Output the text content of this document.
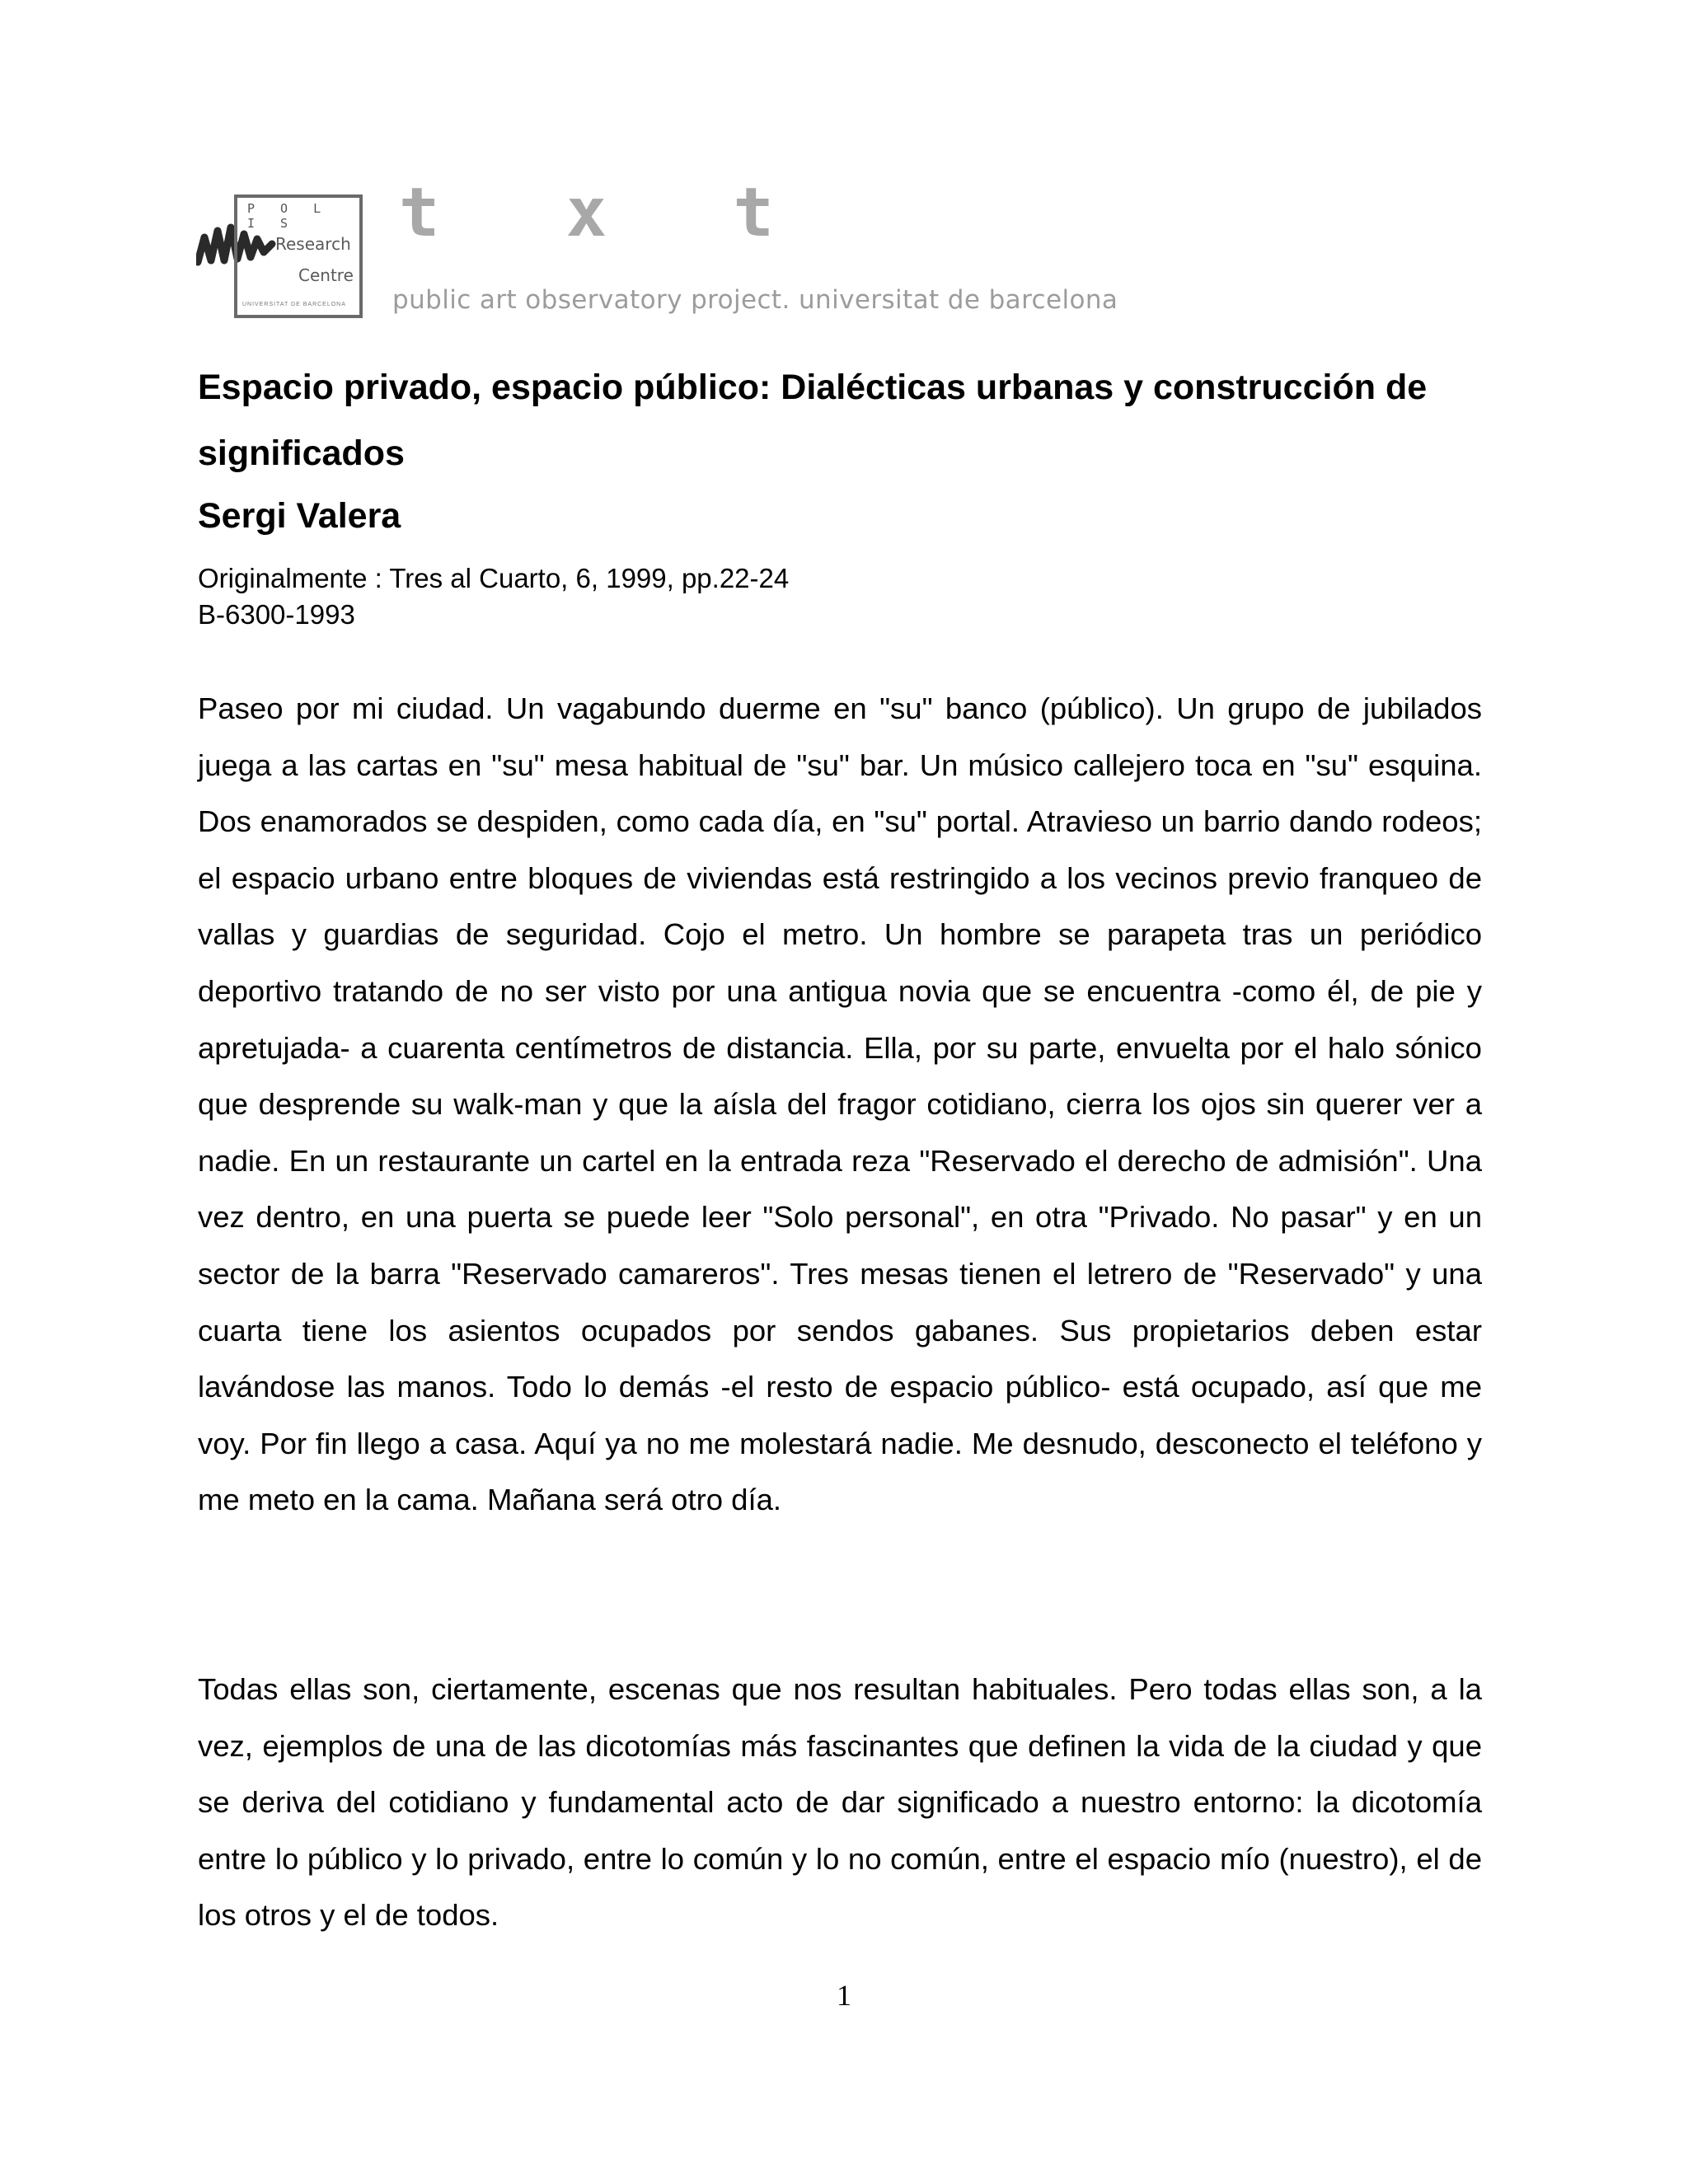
P O L I S
Research
Centre
UNIVERSITAT DE BARCELONA
t x t
public art observatory project. universitat de barcelona
Espacio privado, espacio público: Dialécticas urbanas y construcción de significados
Sergi Valera
Originalmente : Tres al Cuarto, 6, 1999, pp.22-24
B-6300-1993

Paseo por mi ciudad. Un vagabundo duerme en "su" banco (público). Un grupo de jubilados juega a las cartas en "su" mesa habitual de "su" bar. Un músico callejero toca en "su" esquina. Dos enamorados se despiden, como cada día, en "su" portal. Atravieso un barrio dando rodeos; el espacio urbano entre bloques de viviendas está restringido a los vecinos previo franqueo de vallas y guardias de seguridad. Cojo el metro. Un hombre se parapeta tras un periódico deportivo tratando de no ser visto por una antigua novia que se encuentra -como él, de pie y apretujada- a cuarenta centímetros de distancia. Ella, por su parte, envuelta por el halo sónico que desprende su walk-man y que la aísla del fragor cotidiano, cierra los ojos sin querer ver a nadie. En un restaurante un cartel en la entrada reza "Reservado el derecho de admisión". Una vez dentro, en una puerta se puede leer "Solo personal", en otra "Privado. No pasar" y en un sector de la barra "Reservado camareros". Tres mesas tienen el letrero de "Reservado" y una cuarta tiene los asientos ocupados por sendos gabanes. Sus propietarios deben estar lavándose las manos. Todo lo demás -el resto de espacio público- está ocupado, así que me voy. Por fin llego a casa. Aquí ya no me molestará nadie. Me desnudo, desconecto el teléfono y me meto en la cama. Mañana será otro día.

Todas ellas son, ciertamente, escenas que nos resultan habituales. Pero todas ellas son, a la vez, ejemplos de una de las dicotomías más fascinantes que definen la vida de la ciudad y que se deriva del cotidiano y fundamental acto de dar significado a nuestro entorno: la dicotomía entre lo público y lo privado, entre lo común y lo no común, entre el espacio mío (nuestro), el de los otros y el de todos.

1
